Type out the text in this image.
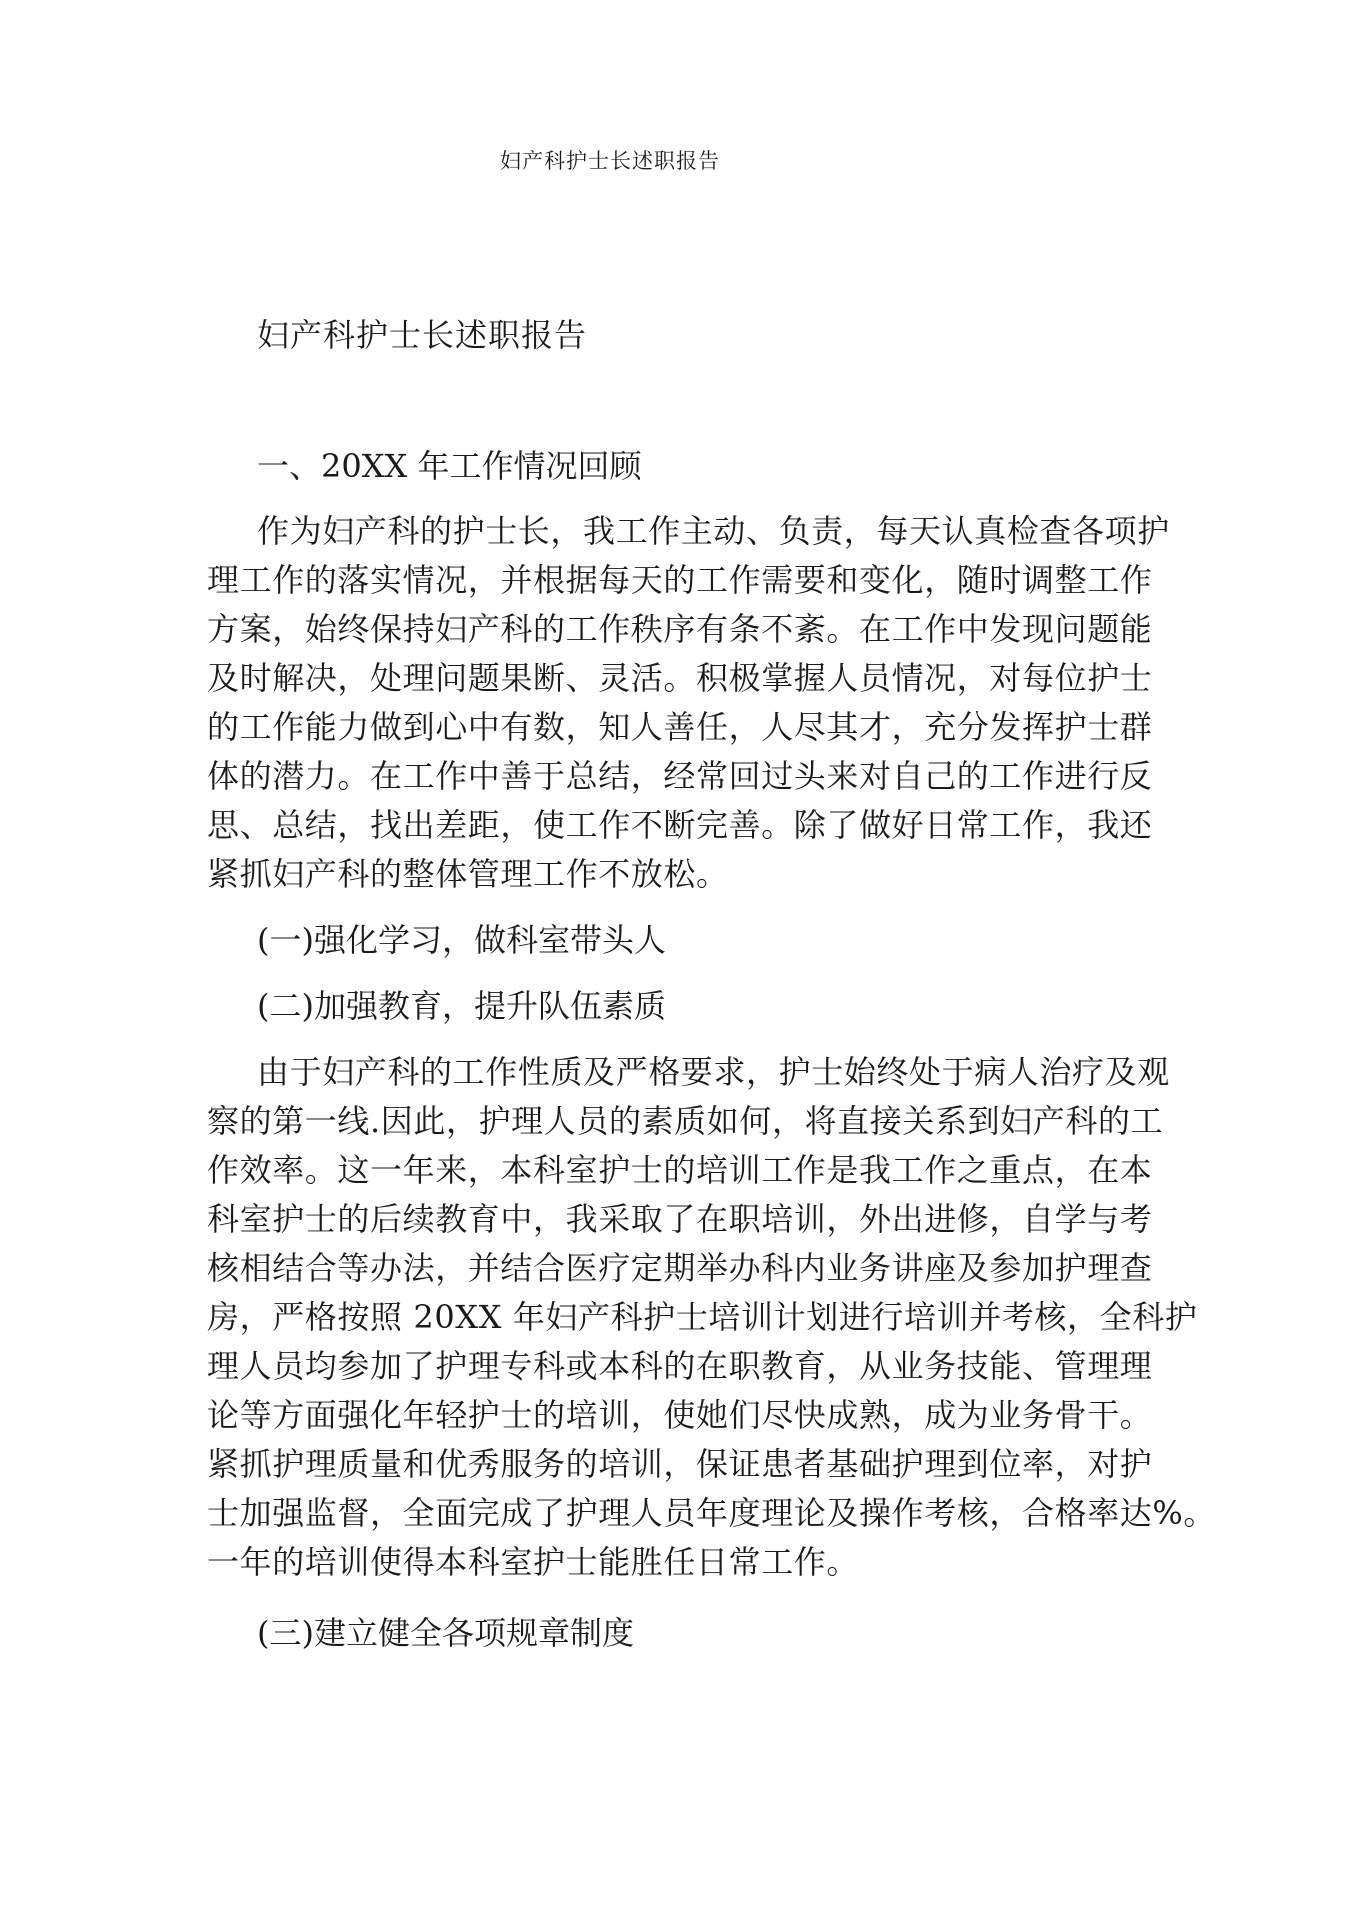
妇产科护士长述职报告
妇产科护士长述职报告
一、20XX 年工作情况回顾
作为妇产科的护士长，我工作主动、负责，每天认真检查各项护
理工作的落实情况，并根据每天的工作需要和变化，随时调整工作
方案，始终保持妇产科的工作秩序有条不紊。在工作中发现问题能
及时解决，处理问题果断、灵活。积极掌握人员情况，对每位护士
的工作能力做到心中有数，知人善任，人尽其才，充分发挥护士群
体的潜力。在工作中善于总结，经常回过头来对自己的工作进行反
思、总结，找出差距，使工作不断完善。除了做好日常工作，我还
紧抓妇产科的整体管理工作不放松。
(一)强化学习，做科室带头人
(二)加强教育，提升队伍素质
由于妇产科的工作性质及严格要求，护士始终处于病人治疗及观
察的第一线.因此，护理人员的素质如何，将直接关系到妇产科的工
作效率。这一年来，本科室护士的培训工作是我工作之重点，在本
科室护士的后续教育中，我采取了在职培训，外出进修，自学与考
核相结合等办法，并结合医疗定期举办科内业务讲座及参加护理查
房，严格按照 20XX 年妇产科护士培训计划进行培训并考核，全科护
理人员均参加了护理专科或本科的在职教育，从业务技能、管理理
论等方面强化年轻护士的培训，使她们尽快成熟，成为业务骨干。
紧抓护理质量和优秀服务的培训，保证患者基础护理到位率，对护
士加强监督，全面完成了护理人员年度理论及操作考核，合格率达%。
一年的培训使得本科室护士能胜任日常工作。
(三)建立健全各项规章制度
